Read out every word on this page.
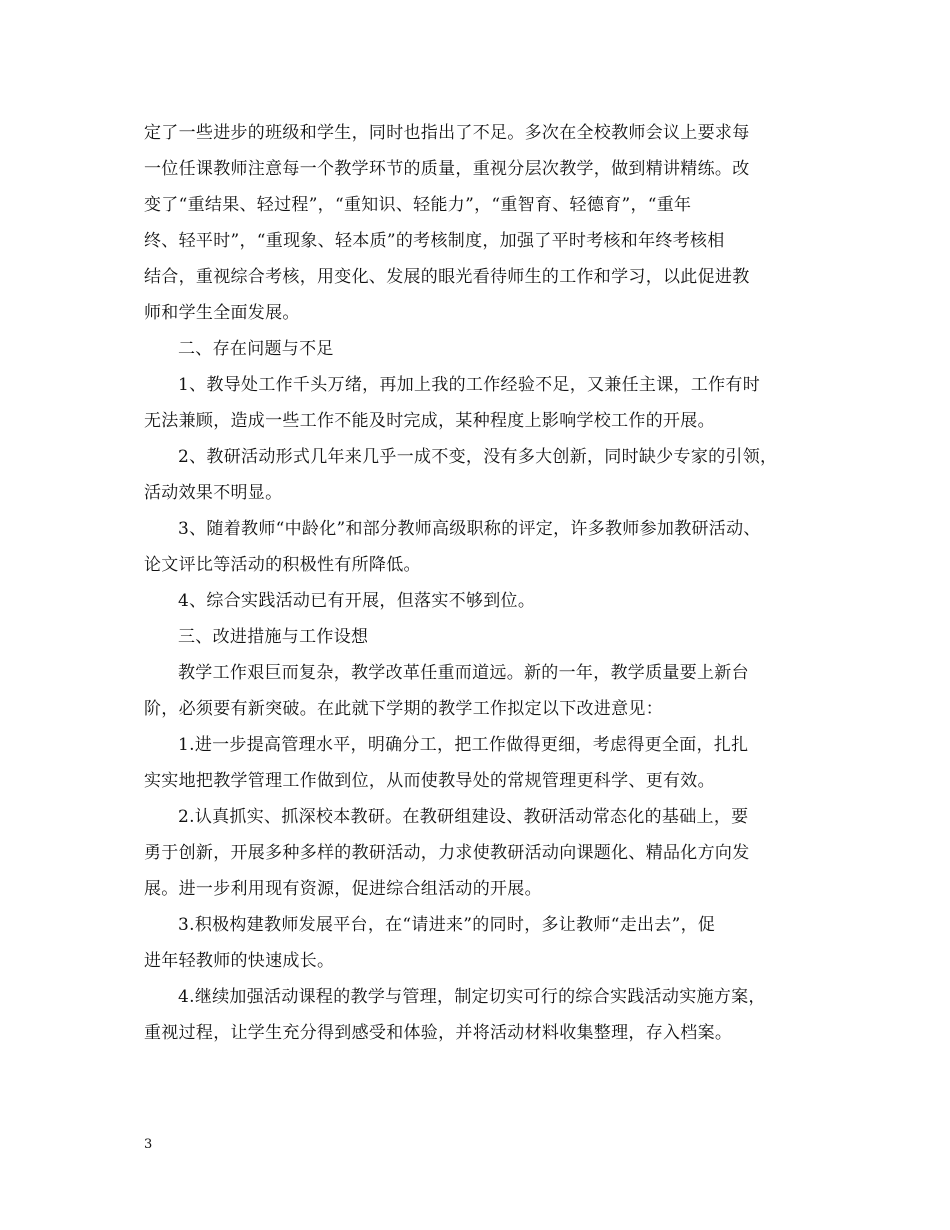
定了一些进步的班级和学生，同时也指出了不足。多次在全校教师会议上要求每
一位任课教师注意每一个教学环节的质量，重视分层次教学，做到精讲精练。改
变了“重结果、轻过程”，“重知识、轻能力”，“重智育、轻德育”，“重年
终、轻平时”，“重现象、轻本质”的考核制度，加强了平时考核和年终考核相
结合，重视综合考核，用变化、发展的眼光看待师生的工作和学习，以此促进教
师和学生全面发展。
二、存在问题与不足
1、教导处工作千头万绪，再加上我的工作经验不足，又兼任主课，工作有时
无法兼顾，造成一些工作不能及时完成，某种程度上影响学校工作的开展。
2、教研活动形式几年来几乎一成不变，没有多大创新，同时缺少专家的引领，
活动效果不明显。
3、随着教师“中龄化”和部分教师高级职称的评定，许多教师参加教研活动、
论文评比等活动的积极性有所降低。
4、综合实践活动已有开展，但落实不够到位。
三、改进措施与工作设想
教学工作艰巨而复杂，教学改革任重而道远。新的一年，教学质量要上新台
阶，必须要有新突破。在此就下学期的教学工作拟定以下改进意见：
1.进一步提高管理水平，明确分工，把工作做得更细，考虑得更全面，扎扎
实实地把教学管理工作做到位，从而使教导处的常规管理更科学、更有效。
2.认真抓实、抓深校本教研。在教研组建设、教研活动常态化的基础上，要
勇于创新，开展多种多样的教研活动，力求使教研活动向课题化、精品化方向发
展。进一步利用现有资源，促进综合组活动的开展。
3.积极构建教师发展平台，在“请进来”的同时，多让教师“走出去”，促
进年轻教师的快速成长。
4.继续加强活动课程的教学与管理，制定切实可行的综合实践活动实施方案，
重视过程，让学生充分得到感受和体验，并将活动材料收集整理，存入档案。
3
